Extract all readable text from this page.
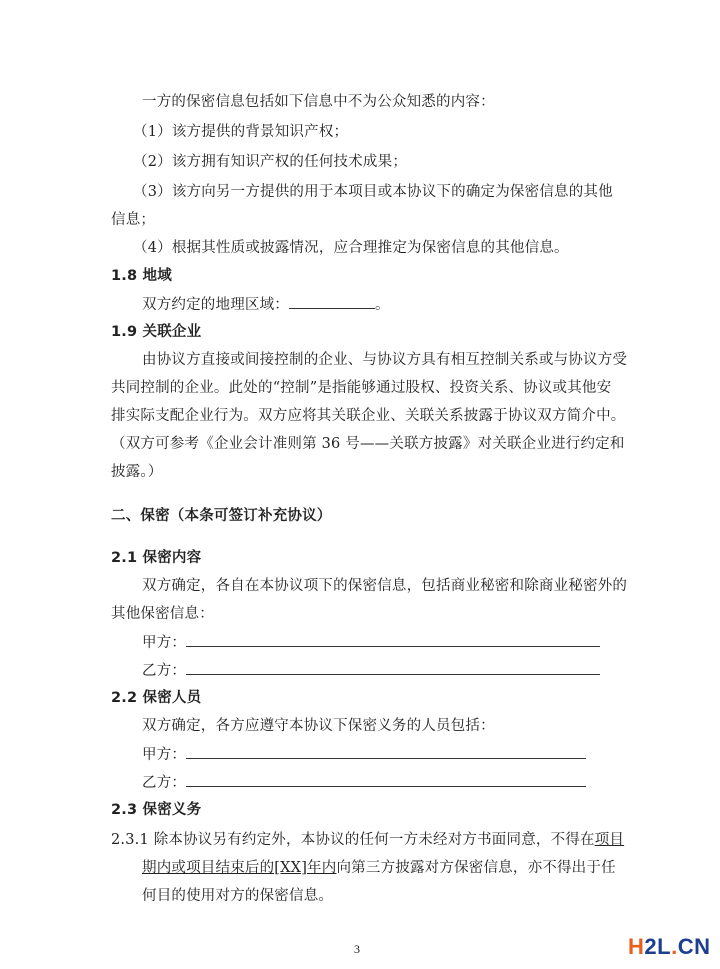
一方的保密信息包括如下信息中不为公众知悉的内容：
（1）该方提供的背景知识产权；
（2）该方拥有知识产权的任何技术成果；
（3）该方向另一方提供的用于本项目或本协议下的确定为保密信息的其他
信息；
（4）根据其性质或披露情况，应合理推定为保密信息的其他信息。
1.8 地域
双方约定的地理区域：	。
1.9 关联企业
由协议方直接或间接控制的企业、与协议方具有相互控制关系或与协议方受
共同控制的企业。此处的“控制”是指能够通过股权、投资关系、协议或其他安
排实际支配企业行为。双方应将其关联企业、关联关系披露于协议双方简介中。
（双方可参考《企业会计准则第 36 号——关联方披露》对关联企业进行约定和
披露。）
二、保密（本条可签订补充协议）
2.1 保密内容
双方确定，各自在本协议项下的保密信息，包括商业秘密和除商业秘密外的
其他保密信息：
甲方：
乙方：
2.2 保密人员
双方确定，各方应遵守本协议下保密义务的人员包括：
甲方：
乙方：
2.3 保密义务
2.3.1 除本协议另有约定外，本协议的任何一方未经对方书面同意，不得在项目
期内或项目结束后的[XX]年内向第三方披露对方保密信息，亦不得出于任
何目的使用对方的保密信息。
3	H2L.CN
